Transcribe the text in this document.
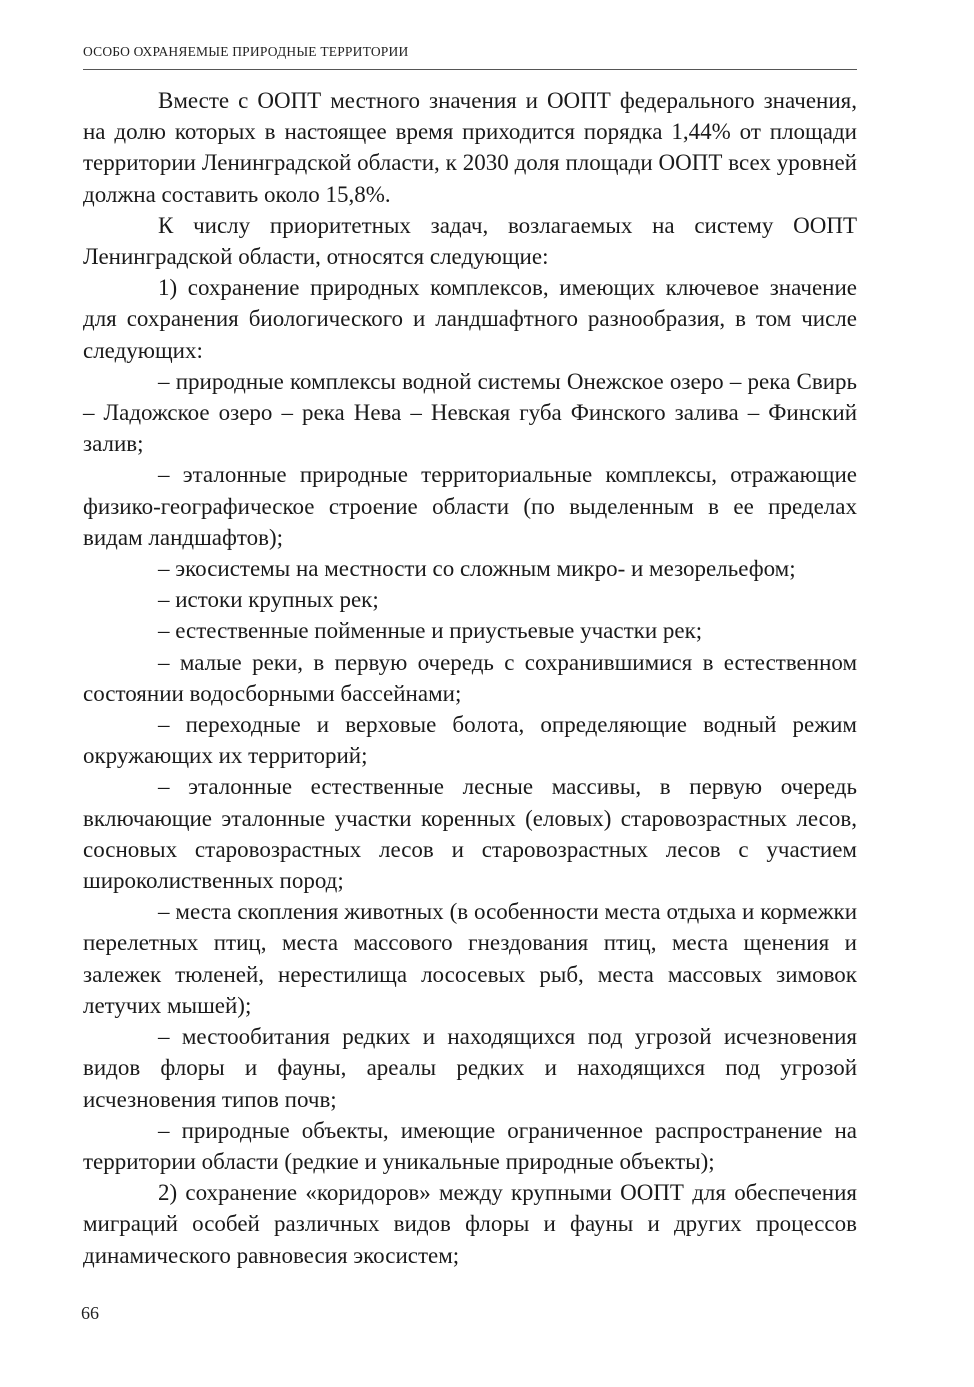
ОСОБО ОХРАНЯЕМЫЕ ПРИРОДНЫЕ ТЕРРИТОРИИ

Вместе с ООПТ местного значения и ООПТ федерального значения, на долю которых в настоящее время приходится порядка 1,44% от площади территории Ленинградской области, к 2030 доля площади ООПТ всех уровней должна составить около 15,8%.

К числу приоритетных задач, возлагаемых на систему ООПТ Ленинградской области, относятся следующие:

1) сохранение природных комплексов, имеющих ключевое значение для сохранения биологического и ландшафтного разнообразия, в том числе следующих:

– природные комплексы водной системы Онежское озеро – река Свирь – Ладожское озеро – река Нева – Невская губа Финского залива – Финский залив;

– эталонные природные территориальные комплексы, отражающие физико-географическое строение области (по выделенным в ее пределах видам ландшафтов);

– экосистемы на местности со сложным микро- и мезорельефом;

– истоки крупных рек;

– естественные пойменные и приустьевые участки рек;

– малые реки, в первую очередь с сохранившимися в естественном состоянии водосборными бассейнами;

– переходные и верховые болота, определяющие водный режим окружающих их территорий;

– эталонные естественные лесные массивы, в первую очередь включающие эталонные участки коренных (еловых) старовозрастных лесов, сосновых старовозрастных лесов и старовозрастных лесов с участием широколиственных пород;

– места скопления животных (в особенности места отдыха и кормежки перелетных птиц, места массового гнездования птиц, места щенения и залежек тюленей, нерестилища лососевых рыб, места массовых зимовок летучих мышей);

– местообитания редких и находящихся под угрозой исчезновения видов флоры и фауны, ареалы редких и находящихся под угрозой исчезновения типов почв;

– природные объекты, имеющие ограниченное распространение на территории области (редкие и уникальные природные объекты);

2) сохранение «коридоров» между крупными ООПТ для обеспечения миграций особей различных видов флоры и фауны и других процессов динамического равновесия экосистем;

66
